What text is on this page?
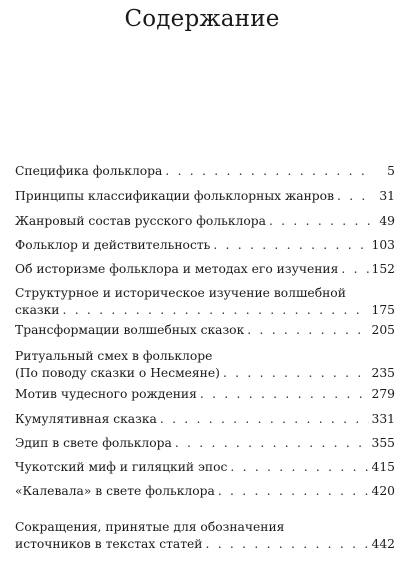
Содержание
Специфика фольклора . . .	5
Принципы классификации фольклорных жанров . . .	31
Жанровый состав русского фольклора . . .	49
Фольклор и действительность . . .	103
Об историзме фольклора и методах его изучения . . .	152
Структурное и историческое изучение волшебной
сказки . . .	175
Трансформации волшебных сказок . . .	205
Ритуальный смех в фольклоре
(По поводу сказки о Несмеяне) . . .	235
Мотив чудесного рождения . . .	279
Кумулятивная сказка . . .	331
Эдип в свете фольклора . . .	355
Чукотский миф и гиляцкий эпос . . .	415
«Калевала» в свете фольклора . . .	420
Сокращения, принятые для обозначения
источников в текстах статей . . .	442
